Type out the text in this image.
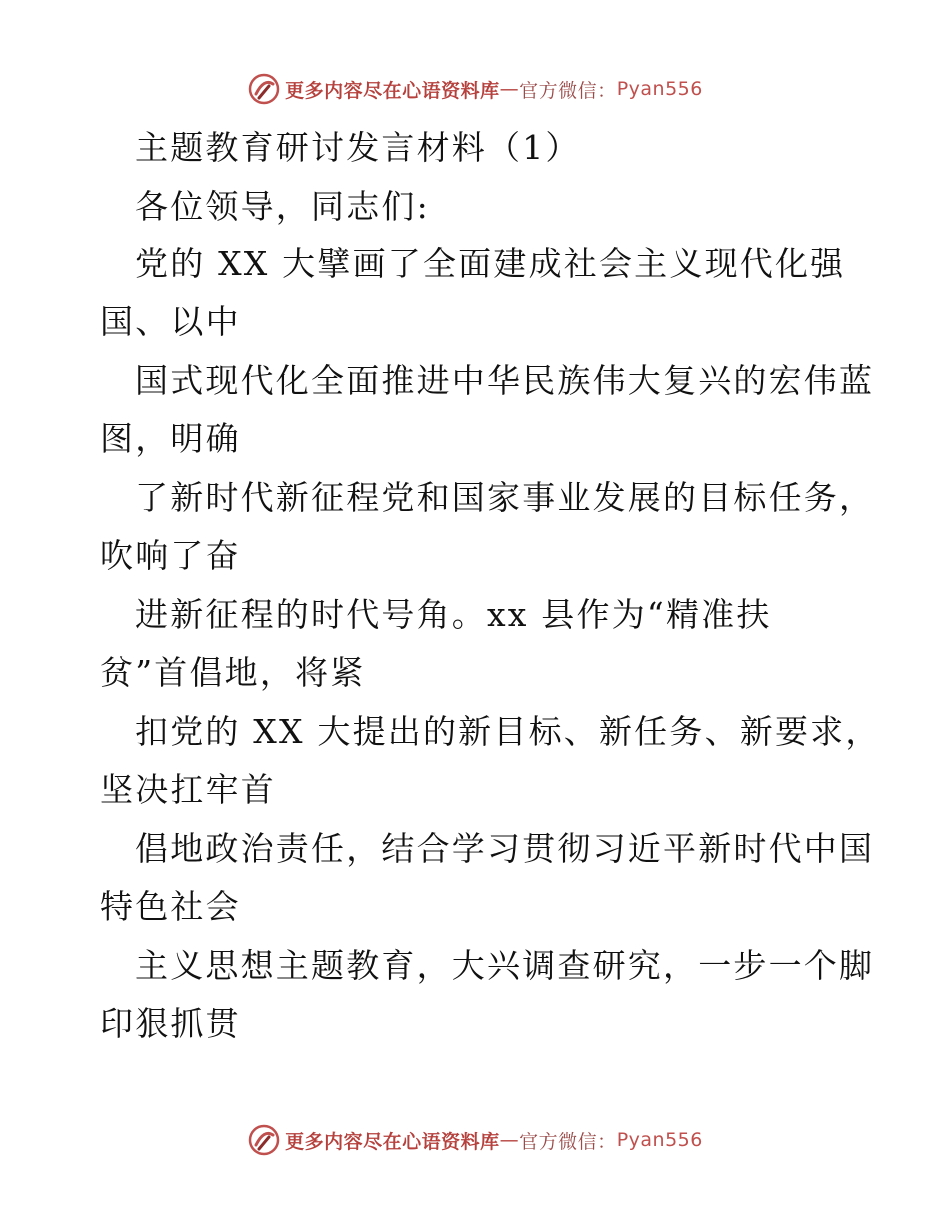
更多内容尽在心语资料库 — 官方微信： Pyan556
主题教育研讨发言材料（1）
各位领导，同志们:
党的 XX 大擘画了全面建成社会主义现代化强
国、以中
国式现代化全面推进中华民族伟大复兴的宏伟蓝
图，明确
了新时代新征程党和国家事业发展的目标任务，
吹响了奋
进新征程的时代号角。xx 县作为“精准扶
贫”首倡地，将紧
扣党的 XX 大提出的新目标、新任务、新要求，
坚决扛牢首
倡地政治责任，结合学习贯彻习近平新时代中国
特色社会
主义思想主题教育，大兴调查研究，一步一个脚
印狠抓贯
更多内容尽在心语资料库 — 官方微信： Pyan556
